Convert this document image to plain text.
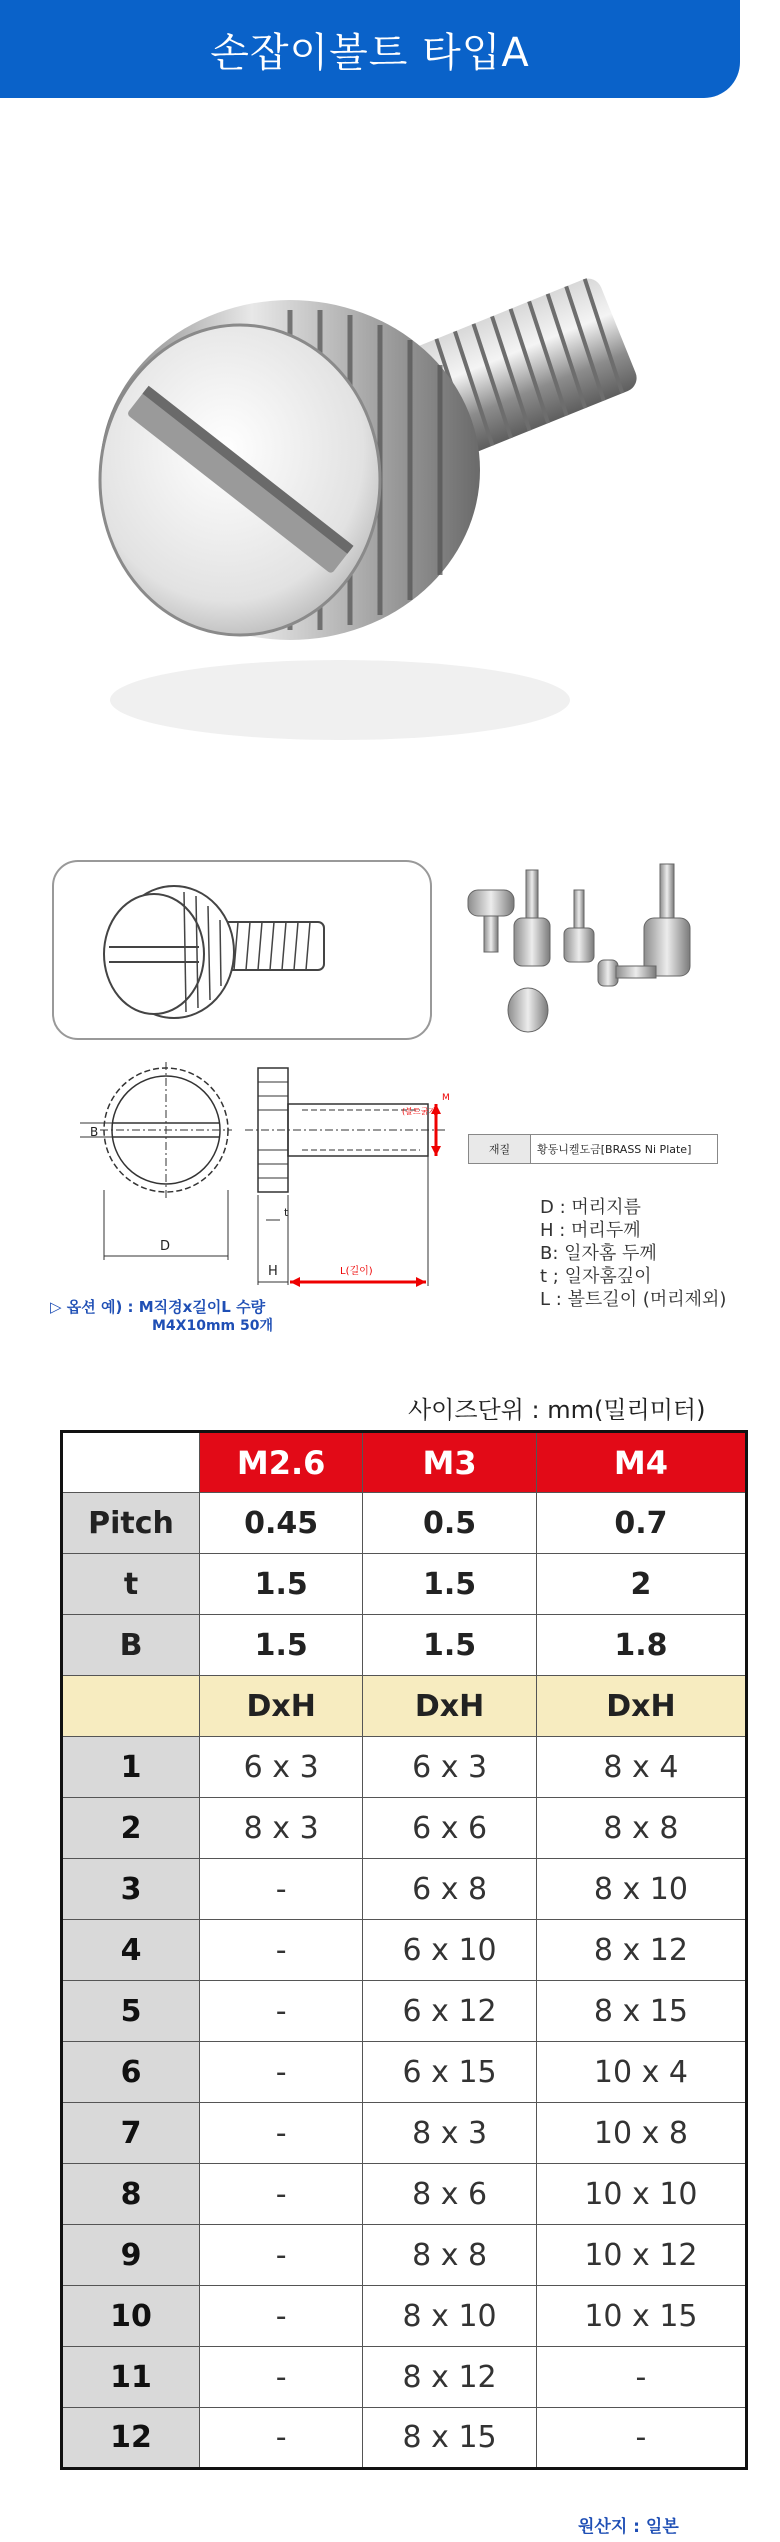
손잡이볼트 타입A
B
D
H
t
L(길이)
M
(볼트굵기)
재질	황동니켈도금[BRASS Ni Plate]
D : 머리지름
H : 머리두께
B: 일자홈 두께
t ; 일자홈깊이
L : 볼트길이 (머리제외)
▷ 옵션 예) : M직경x길이L 수량
M4X10mm 50개
사이즈단위 : mm(밀리미터)
	M2.6	M3	M4
Pitch	0.45	0.5	0.7
t	1.5	1.5	2
B	1.5	1.5	1.8
	DxH	DxH	DxH
1	6 x 3	6 x 3	8 x 4
2	8 x 3	6 x 6	8 x 8
3	-	6 x 8	8 x 10
4	-	6 x 10	8 x 12
5	-	6 x 12	8 x 15
6	-	6 x 15	10 x 4
7	-	8 x 3	10 x 8
8	-	8 x 6	10 x 10
9	-	8 x 8	10 x 12
10	-	8 x 10	10 x 15
11	-	8 x 12	-
12	-	8 x 15	-
원산지 : 일본
